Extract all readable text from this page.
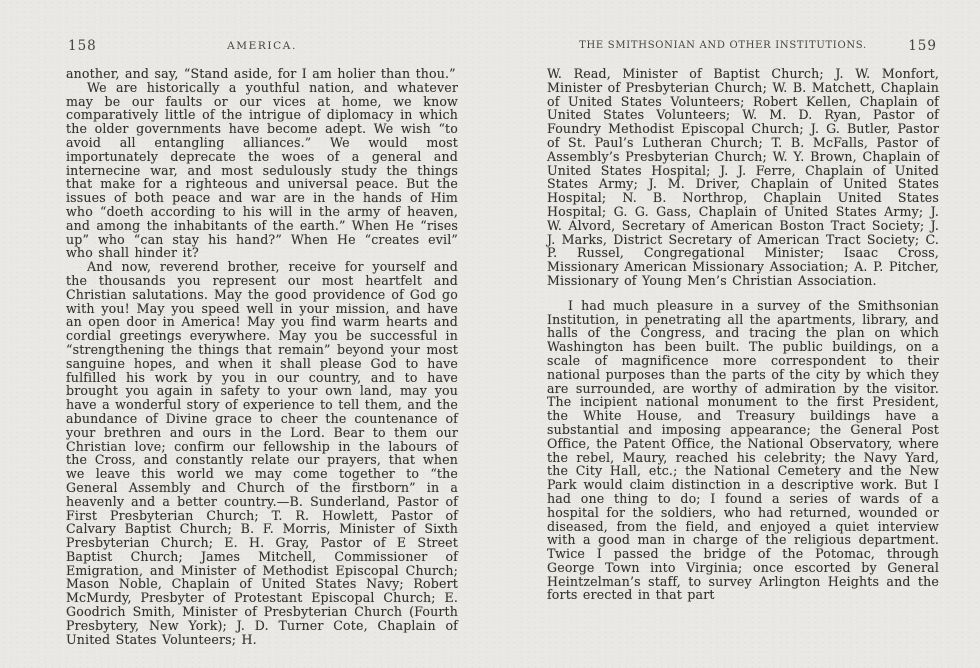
158	AMERICA.

another, and say, “Stand aside, for I am holier than thou.”

We are historically a youthful nation, and whatever may be our faults or our vices at home, we know comparatively little of the intrigue of diplomacy in which the older governments have become adept. We wish “to avoid all entangling alliances.” We would most importunately deprecate the woes of a general and internecine war, and most sedulously study the things that make for a righteous and universal peace. But the issues of both peace and war are in the hands of Him who “doeth according to his will in the army of heaven, and among the inhabitants of the earth.” When He “rises up” who “can stay his hand?” When He “creates evil” who shall hinder it?

And now, reverend brother, receive for yourself and the thousands you represent our most heartfelt and Christian salutations. May the good providence of God go with you! May you speed well in your mission, and have an open door in America! May you find warm hearts and cordial greetings everywhere. May you be successful in “strengthening the things that remain” beyond your most sanguine hopes, and when it shall please God to have fulfilled his work by you in our country, and to have brought you again in safety to your own land, may you have a wonderful story of experience to tell them, and the abundance of Divine grace to cheer the countenance of your brethren and ours in the Lord. Bear to them our Christian love; confirm our fellowship in the labours of the Cross, and constantly relate our prayers, that when we leave this world we may come together to “the General Assembly and Church of the firstborn” in a heavenly and a better country.—B. Sunderland, Pastor of First Presbyterian Church; T. R. Howlett, Pastor of Calvary Baptist Church; B. F. Morris, Minister of Sixth Presbyterian Church; E. H. Gray, Pastor of E Street Baptist Church; James Mitchell, Commissioner of Emigration, and Minister of Methodist Episcopal Church; Mason Noble, Chaplain of United States Navy; Robert McMurdy, Presbyter of Protestant Episcopal Church; E. Goodrich Smith, Minister of Presbyterian Church (Fourth Presbytery, New York); J. D. Turner Cote, Chaplain of United States Volunteers; H.

THE SMITHSONIAN AND OTHER INSTITUTIONS.	159

W. Read, Minister of Baptist Church; J. W. Monfort, Minister of Presbyterian Church; W. B. Matchett, Chaplain of United States Volunteers; Robert Kellen, Chaplain of United States Volunteers; W. M. D. Ryan, Pastor of Foundry Methodist Episcopal Church; J. G. Butler, Pastor of St. Paul’s Lutheran Church; T. B. McFalls, Pastor of Assembly’s Presbyterian Church; W. Y. Brown, Chaplain of United States Hospital; J. J. Ferre, Chaplain of United States Army; J. M. Driver, Chaplain of United States Hospital; N. B. Northrop, Chaplain United States Hospital; G. G. Gass, Chaplain of United States Army; J. W. Alvord, Secretary of American Boston Tract Society; J. J. Marks, District Secretary of American Tract Society; C. P. Russel, Congregational Minister; Isaac Cross, Missionary American Missionary Association; A. P. Pitcher, Missionary of Young Men’s Christian Association.

I had much pleasure in a survey of the Smithsonian Institution, in penetrating all the apartments, library, and halls of the Congress, and tracing the plan on which Washington has been built. The public buildings, on a scale of magnificence more correspondent to their national purposes than the parts of the city by which they are surrounded, are worthy of admiration by the visitor. The incipient national monument to the first President, the White House, and Treasury buildings have a substantial and imposing appearance; the General Post Office, the Patent Office, the National Observatory, where the rebel, Maury, reached his celebrity; the Navy Yard, the City Hall, etc.; the National Cemetery and the New Park would claim distinction in a descriptive work. But I had one thing to do; I found a series of wards of a hospital for the soldiers, who had returned, wounded or diseased, from the field, and enjoyed a quiet interview with a good man in charge of the religious department. Twice I passed the bridge of the Potomac, through George Town into Virginia; once escorted by General Heintzelman’s staff, to survey Arlington Heights and the forts erected in that part
